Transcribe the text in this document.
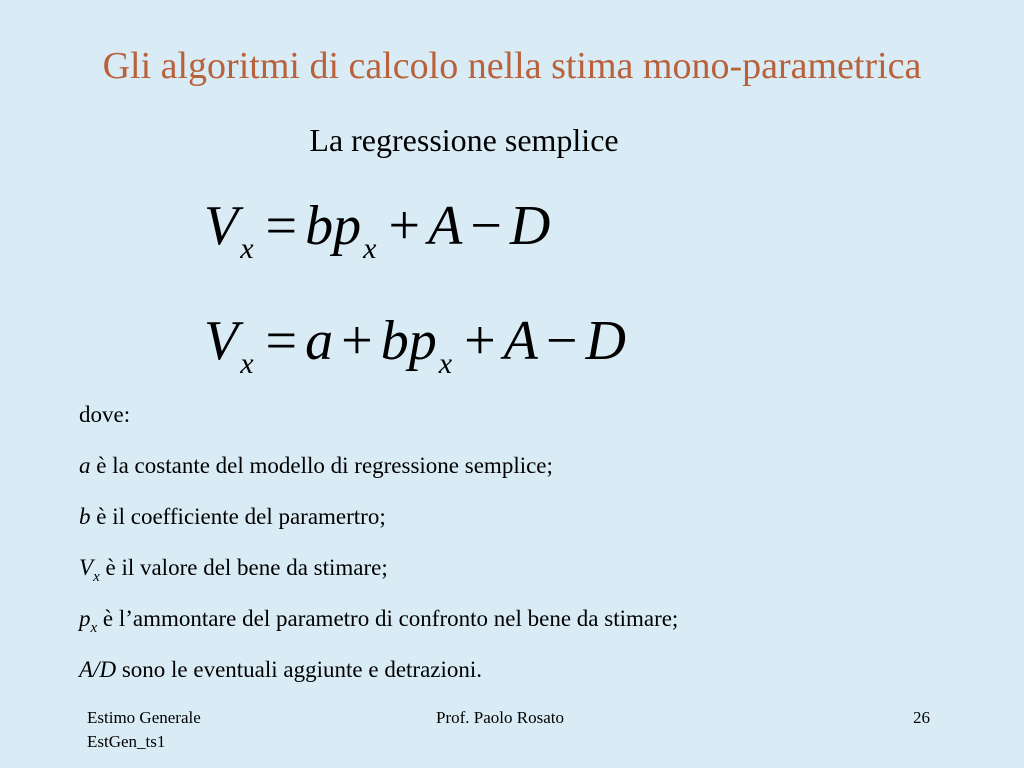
Gli algoritmi di calcolo nella stima mono-parametrica
La regressione semplice
$V_x = bp_x + A - D$
$V_x = a + bp_x + A - D$
dove:
a è la costante del modello di regressione semplice;
b è il coefficiente del paramertro;
$V_x$ è il valore del bene da stimare;
$p_x$ è l’ammontare del parametro di confronto nel bene da stimare;
A/D sono le eventuali aggiunte e detrazioni.
Estimo Generale
EstGen_ts1
Prof. Paolo Rosato	26
